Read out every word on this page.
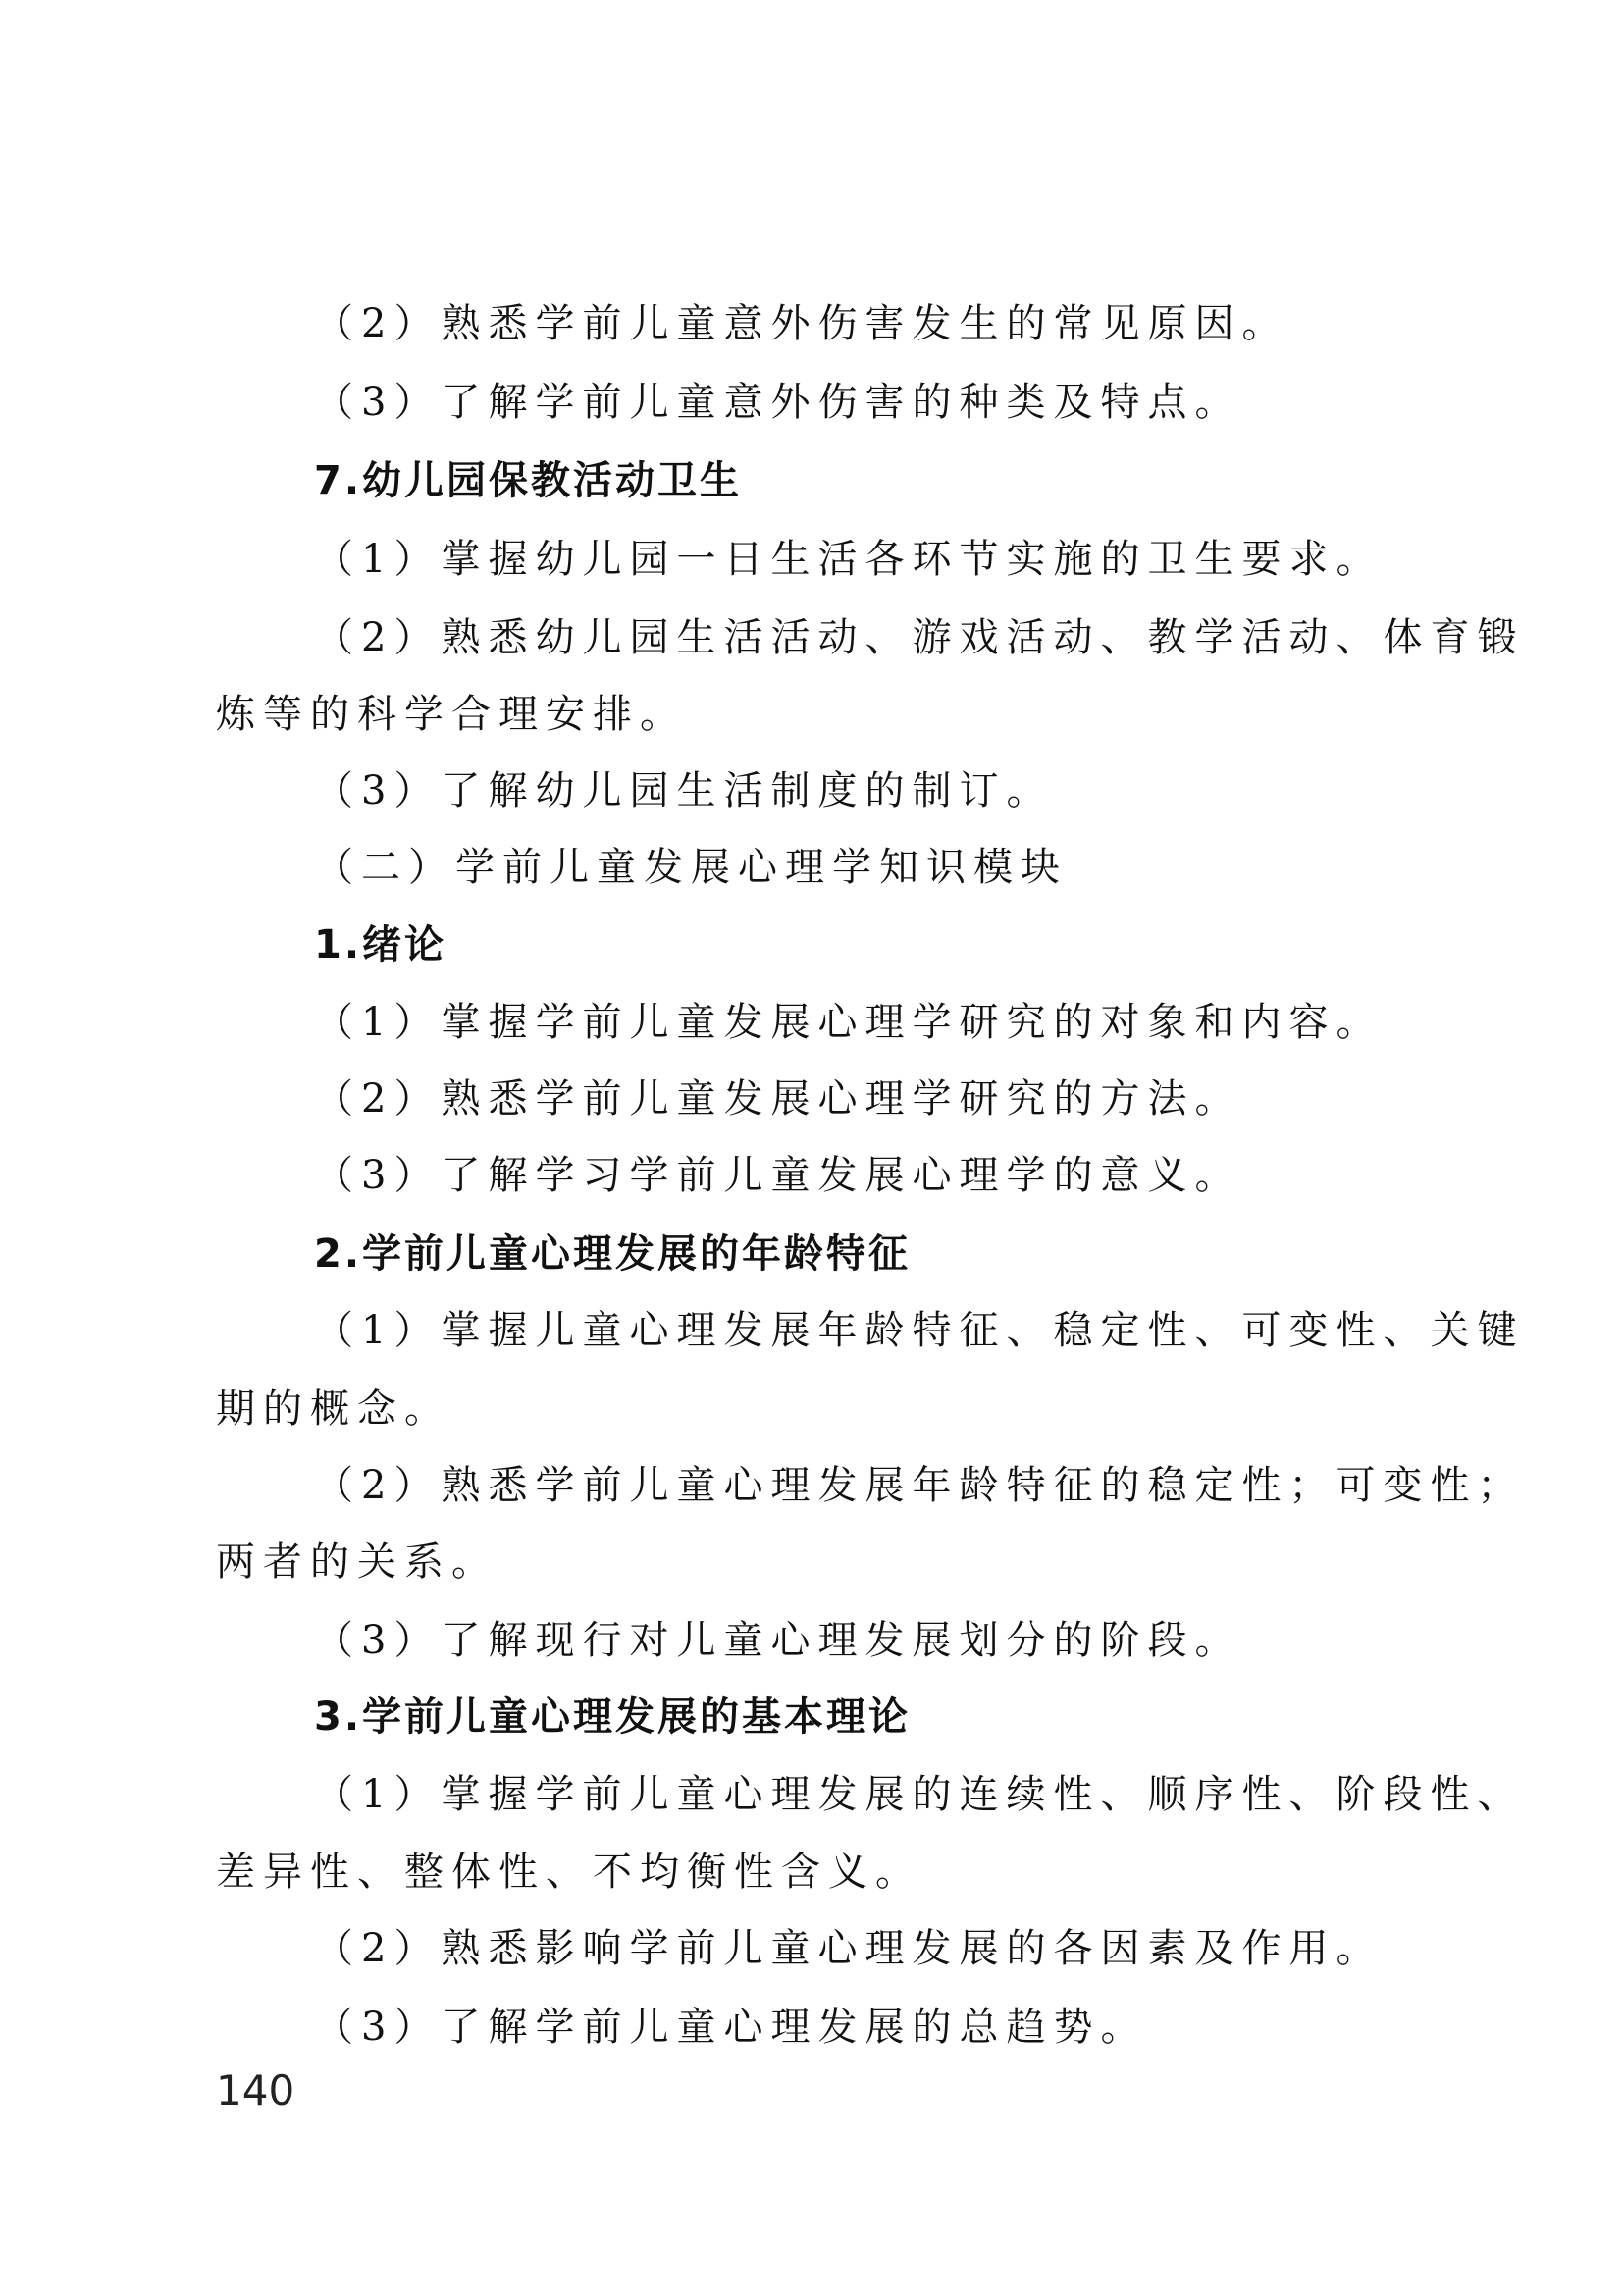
（2）熟悉学前儿童意外伤害发生的常见原因。
（3）了解学前儿童意外伤害的种类及特点。
7.幼儿园保教活动卫生
（1）掌握幼儿园一日生活各环节实施的卫生要求。
（2）熟悉幼儿园生活活动、游戏活动、教学活动、体育锻
炼等的科学合理安排。
（3）了解幼儿园生活制度的制订。
（二）学前儿童发展心理学知识模块
1.绪论
（1）掌握学前儿童发展心理学研究的对象和内容。
（2）熟悉学前儿童发展心理学研究的方法。
（3）了解学习学前儿童发展心理学的意义。
2.学前儿童心理发展的年龄特征
（1）掌握儿童心理发展年龄特征、稳定性、可变性、关键
期的概念。
（2）熟悉学前儿童心理发展年龄特征的稳定性；可变性；
两者的关系。
（3）了解现行对儿童心理发展划分的阶段。
3.学前儿童心理发展的基本理论
（1）掌握学前儿童心理发展的连续性、顺序性、阶段性、
差异性、整体性、不均衡性含义。
（2）熟悉影响学前儿童心理发展的各因素及作用。
（3）了解学前儿童心理发展的总趋势。
140
